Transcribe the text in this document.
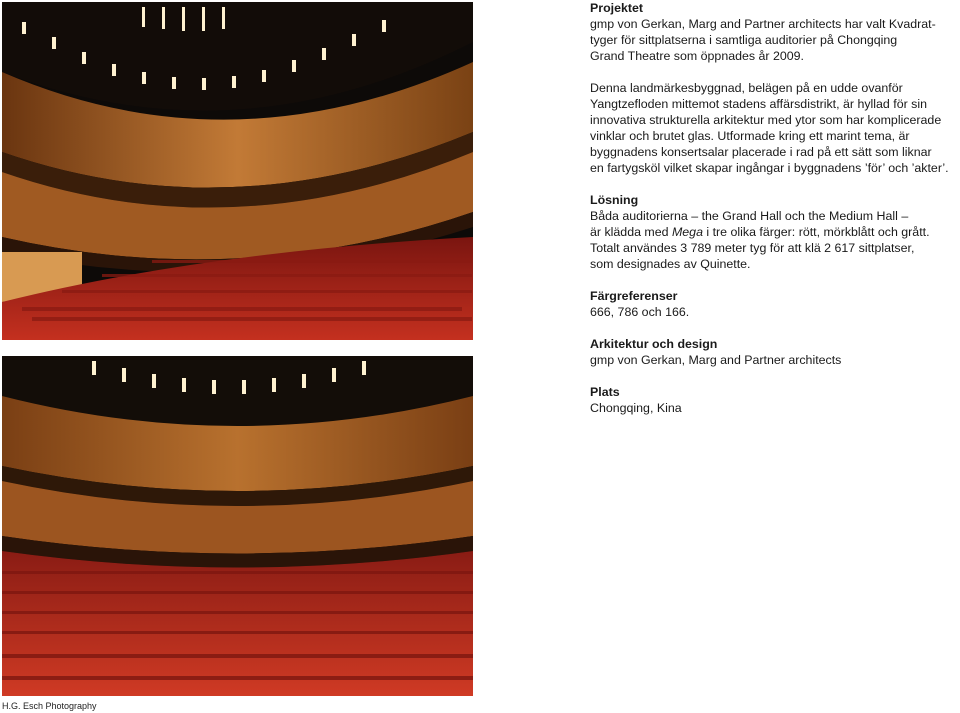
H.G. Esch Photography
Projektet
gmp von Gerkan, Marg and Partner architects har valt Kvadrat-
tyger för sittplatserna i samtliga auditorier på Chongqing
Grand Theatre som öppnades år 2009.
Denna landmärkesbyggnad, belägen på en udde ovanför
Yangtzefloden mittemot stadens affärsdistrikt, är hyllad för sin
innovativa strukturella arkitektur med ytor som har komplicerade
vinklar och brutet glas. Utformade kring ett marint tema, är
byggnadens konsertsalar placerade i rad på ett sätt som liknar
en fartygsköl vilket skapar ingångar i byggnadens ’för’ och ’akter’.
Lösning
Båda auditorierna – the Grand Hall och the Medium Hall –
är klädda med Mega i tre olika färger: rött, mörkblått och grått.
Totalt användes 3 789 meter tyg för att klä 2 617 sittplatser,
som designades av Quinette.
Färgreferenser
666, 786 och 166.
Arkitektur och design
gmp von Gerkan, Marg and Partner architects
Plats
Chongqing, Kina
